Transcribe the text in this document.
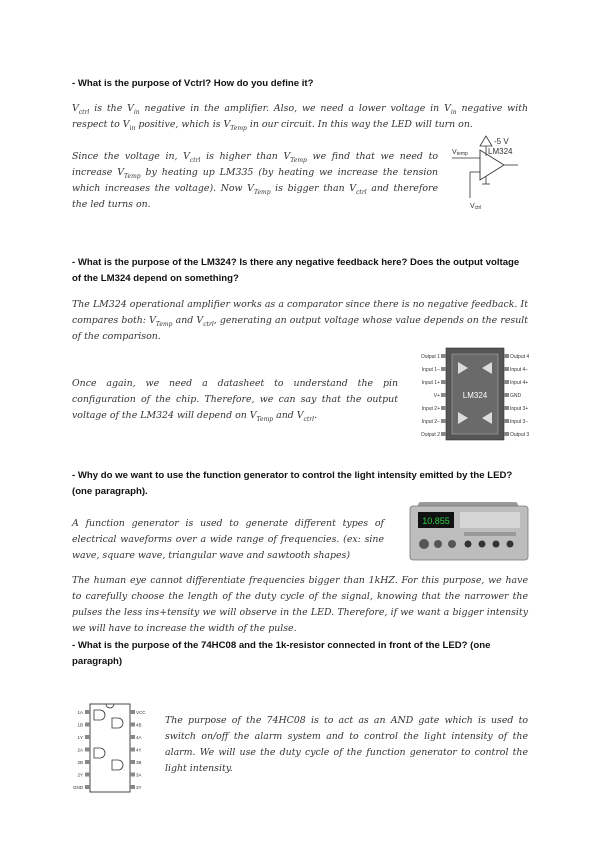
- What is the purpose of Vctrl? How do you define it?
$V_{ctrl}$ is the $V_{in}$ negative in the amplifier. Also, we need a lower voltage in $V_{in}$ negative with respect to $V_{in}$ positive, which is $V_{Temp}$ in our circuit. In this way the LED will turn on.
Since the voltage in, $V_{ctrl}$ is higher than $V_{Temp}$ we find that we need to increase $V_{Temp}$ by heating up LM335 (by heating we increase the tension which increases the voltage). Now $V_{Temp}$ is bigger than $V_{ctrl}$ and therefore the led turns on.
-5 V
LM324
Vtemp
Vctrl
- What is the purpose of the LM324? Is there any negative feedback here? Does the output voltage of the LM324 depend on something?
The LM324 operational amplifier works as a comparator since there is no negative feedback. It compares both: $V_{Temp}$ and $V_{ctrl}$, generating an output voltage whose value depends on the result of the comparison.
Once again, we need a datasheet to understand the pin configuration of the chip. Therefore, we can say that the output voltage of the LM324 will depend on $V_{Temp}$ and $V_{ctrl}$.
LM324
Output 1
Input 1−
Input 1+
V+
Input 2+
Input 2−
Output 2
Output 4
Input 4−
Input 4+
GND
Input 3+
Input 3−
Output 3
- Why do we want to use the function generator to control the light intensity emitted by the LED? (one paragraph).
A function generator is used to generate different types of electrical waveforms over a wide range of frequencies. (ex: sine wave, square wave, triangular wave and sawtooth shapes)
10.855
The human eye cannot differentiate frequencies bigger than 1kHZ. For this purpose, we have to carefully choose the length of the duty cycle of the signal, knowing that the narrower the pulses the less ins+tensity we will observe in the LED. Therefore, if we want a bigger intensity we will have to increase the width of the pulse.
- What is the purpose of the 74HC08 and the 1k-resistor connected in front of the LED? (one paragraph)
1A
1B
1Y
2A
2B
2Y
GND
VCC
4B
4A
4Y
3B
3A
3Y
The purpose of the 74HC08 is to act as an AND gate which is used to switch on/off the alarm system and to control the light intensity of the alarm. We will use the duty cycle of the function generator to control the light intensity.
